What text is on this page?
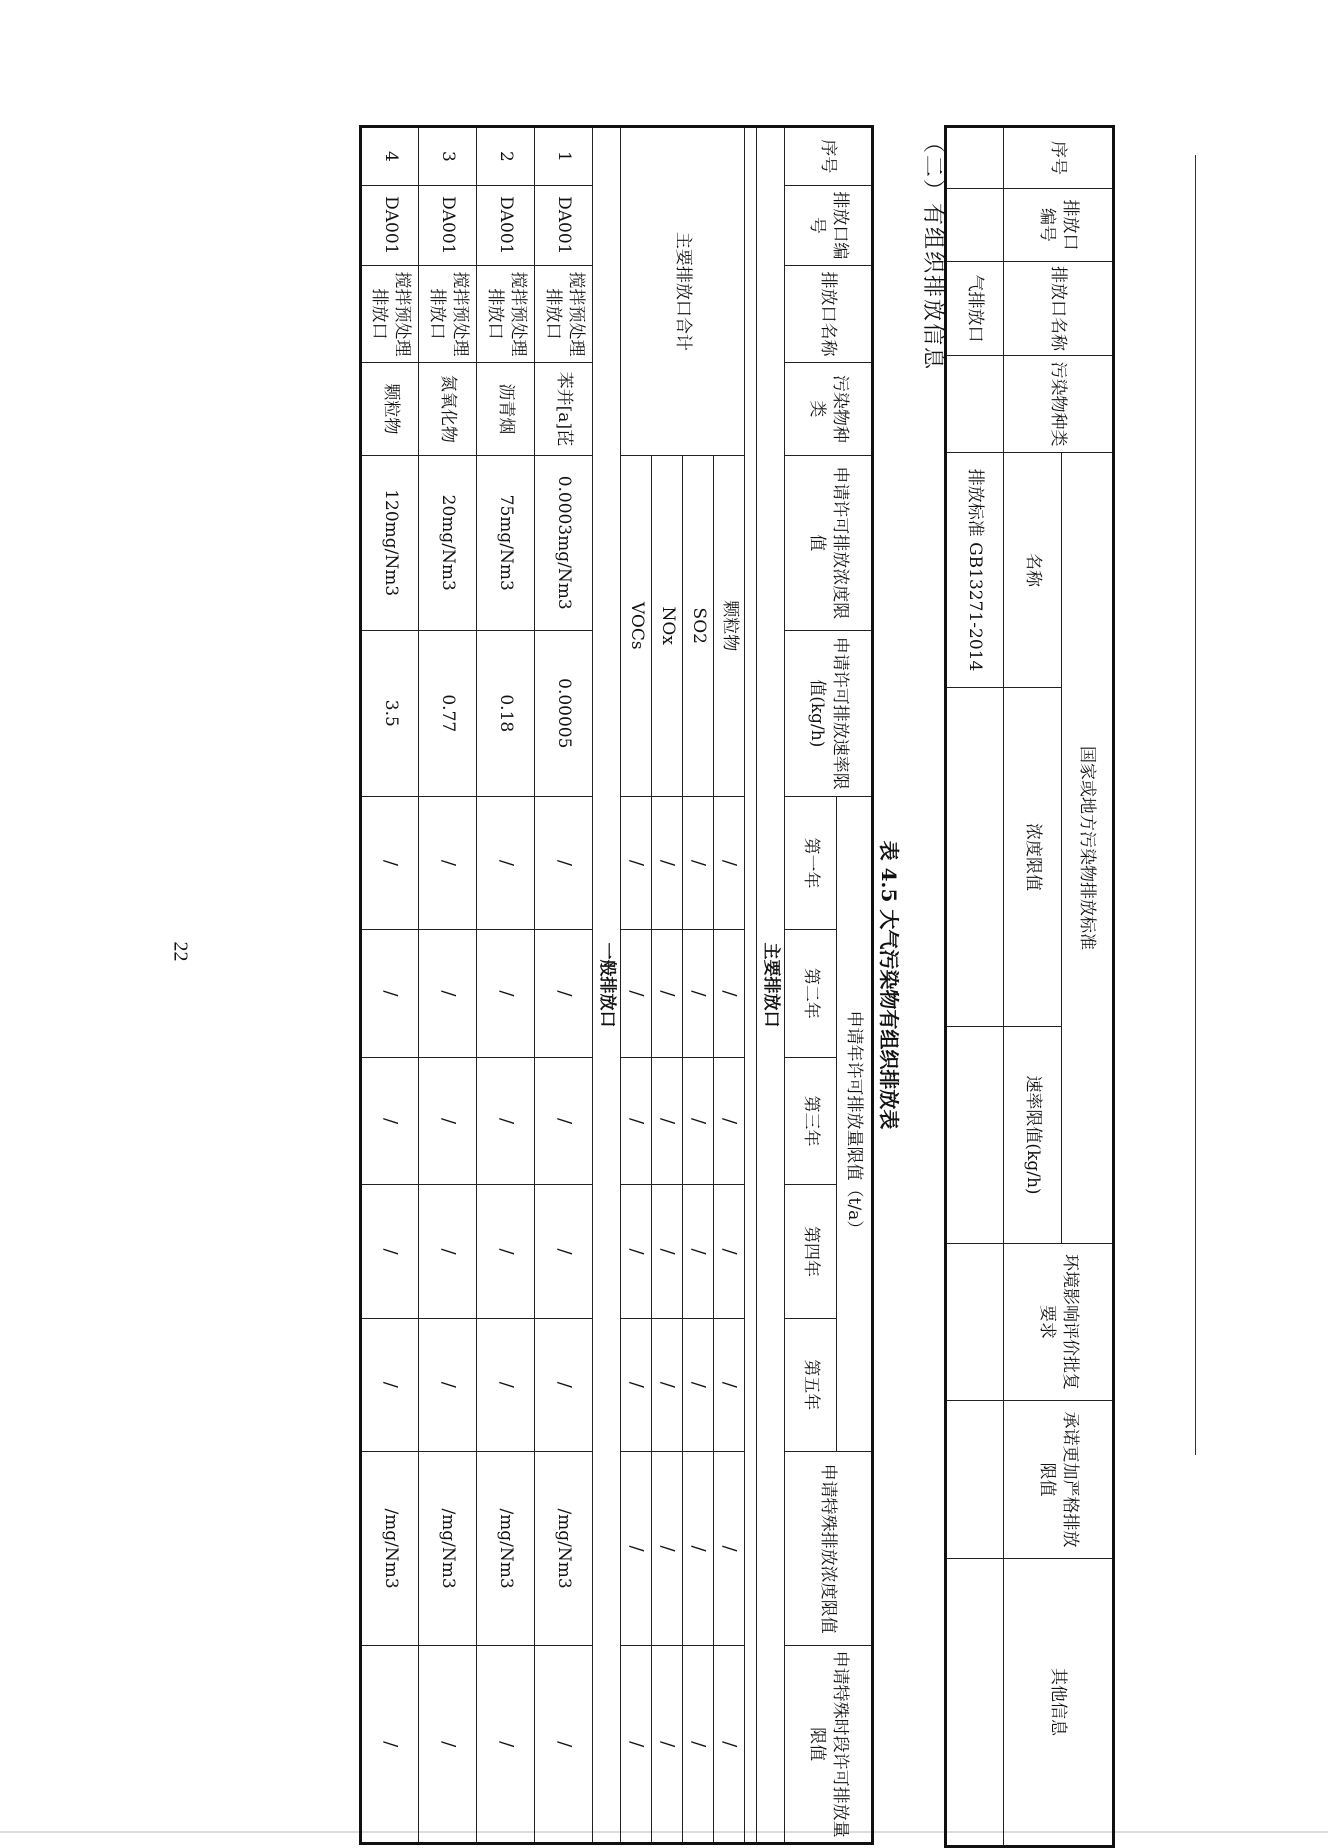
22
序号	排放口编号	排放口名称	污染物种类	国家或地方污染物排放标准			环境影响评价批复要求	承诺更加严格排放限值	其他信息
				名称	浓度限值	速率限值(kg/h)			
		气排放口		排放标准 GB13271-2014					
（二）有组织排放信息
表 4.5 大气污染物有组织排放表
序号	排放口编号	排放口名称	污染物种类	申请许可排放浓度限值	申请许可排放速率限值(kg/h)	申请年许可排放量限值（t/a）					申请特殊排放浓度限值	申请特殊时段许可排放量限值
						第一年	第二年	第三年	第四年	第五年		
主要排放口												

主要排放口合计				颗粒物		/	/	/	/	/	/	/
				SO2		/	/	/	/	/	/	/
				NOx		/	/	/	/	/	/	/
				VOCs		/	/	/	/	/	/	/
一般排放口												
1	DA001	搅拌预处理排放口	苯并[a]芘	0.0003mg/Nm3	0.00005	/	/	/	/	/	/mg/Nm3	/
2	DA001	搅拌预处理排放口	沥青烟	75mg/Nm3	0.18	/	/	/	/	/	/mg/Nm3	/
3	DA001	搅拌预处理排放口	氮氧化物	20mg/Nm3	0.77	/	/	/	/	/	/mg/Nm3	/
4	DA001	搅拌预处理排放口	颗粒物	120mg/Nm3	3.5	/	/	/	/	/	/mg/Nm3	/
